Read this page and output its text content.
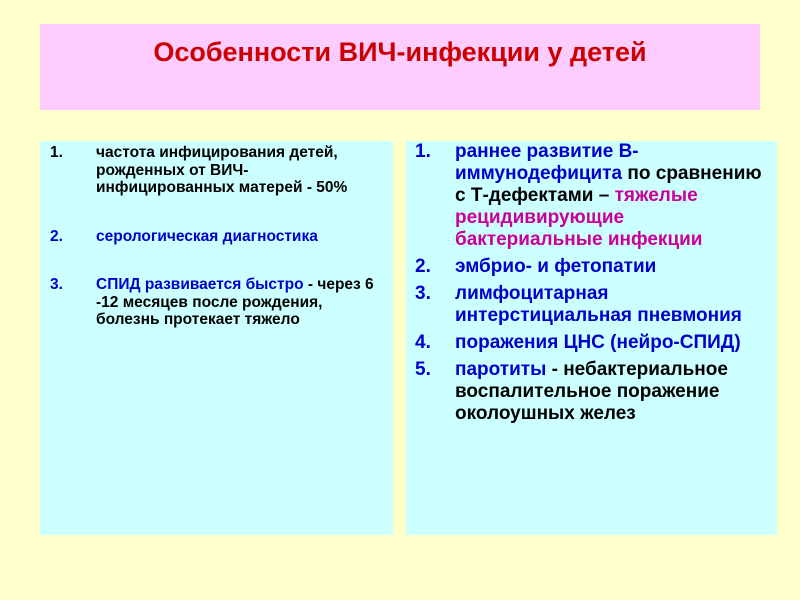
Особенности ВИЧ-инфекции у детей
1. частота инфицирования детей, рожденных от ВИЧ-инфицированных матерей - 50%
2. серологическая диагностика
3. СПИД развивается быстро - через 6 -12 месяцев после рождения, болезнь протекает тяжело
1. раннее развитие В-иммунодефицита по сравнению с Т-дефектами – тяжелые рецидивирующие бактериальные инфекции
2. эмбрио- и фетопатии
3. лимфоцитарная интерстициальная пневмония
4. поражения ЦНС (нейро-СПИД)
5. паротиты - небактериальное воспалительное поражение околоушных желез
